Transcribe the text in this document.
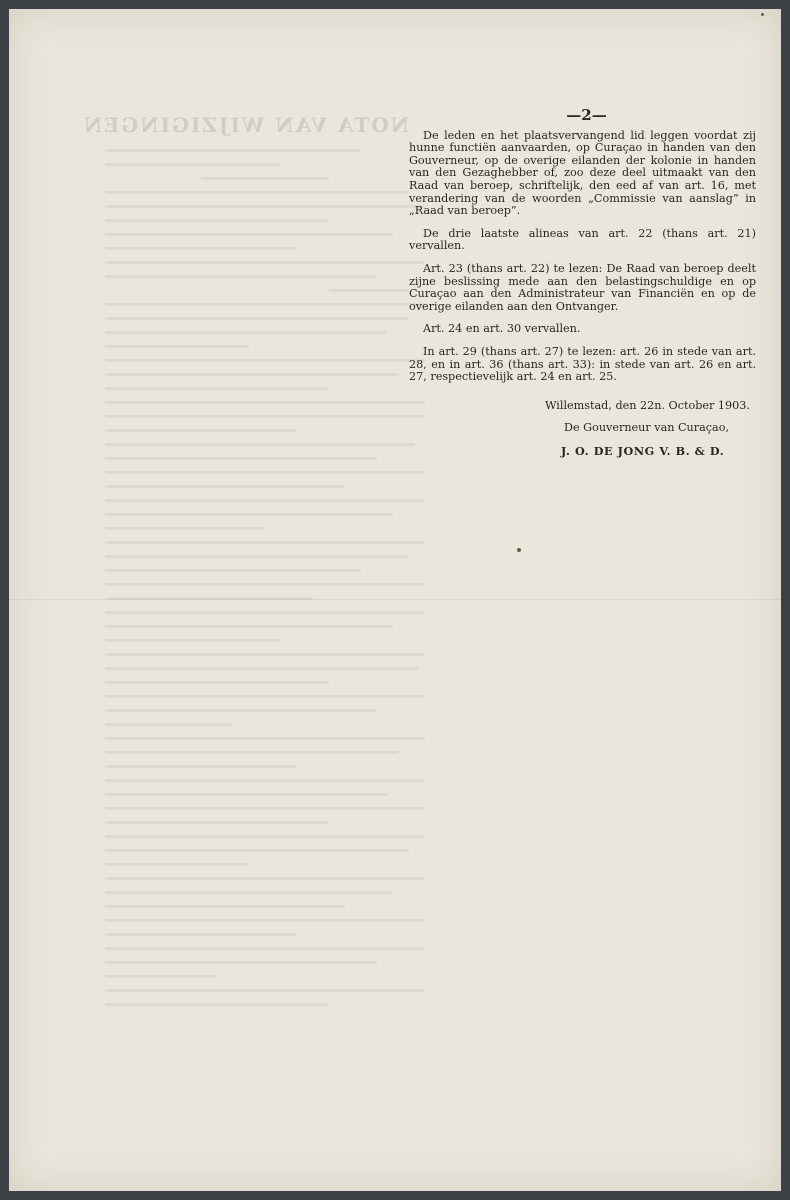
NOTA VAN WIJZIGINGEN	—2—

De leden en het plaatsvervangend lid leggen voordat zij hunne functiën aanvaarden, op Curaçao in handen van den Gouverneur, op de overige eilanden der kolonie in handen van den Gezaghebber of, zoo deze deel uitmaakt van den Raad van beroep, schriftelijk, den eed af van art. 16, met verandering van de woorden „Commissie van aanslag” in „Raad van beroep”.

De drie laatste alineas van art. 22 (thans art. 21) vervallen.

Art. 23 (thans art. 22) te lezen: De Raad van beroep deelt zijne beslissing mede aan den belastingschuldige en op Curaçao aan den Administrateur van Financiën en op de overige eilanden aan den Ontvanger.

Art. 24 en art. 30 vervallen.

In art. 29 (thans art. 27) te lezen: art. 26 in stede van art. 28, en in art. 36 (thans art. 33): in stede van art. 26 en art. 27, respectievelijk art. 24 en art. 25.

Willemstad, den 22n. October 1903.

De Gouverneur van Curaçao,

J. O. DE JONG V. B. & D.
